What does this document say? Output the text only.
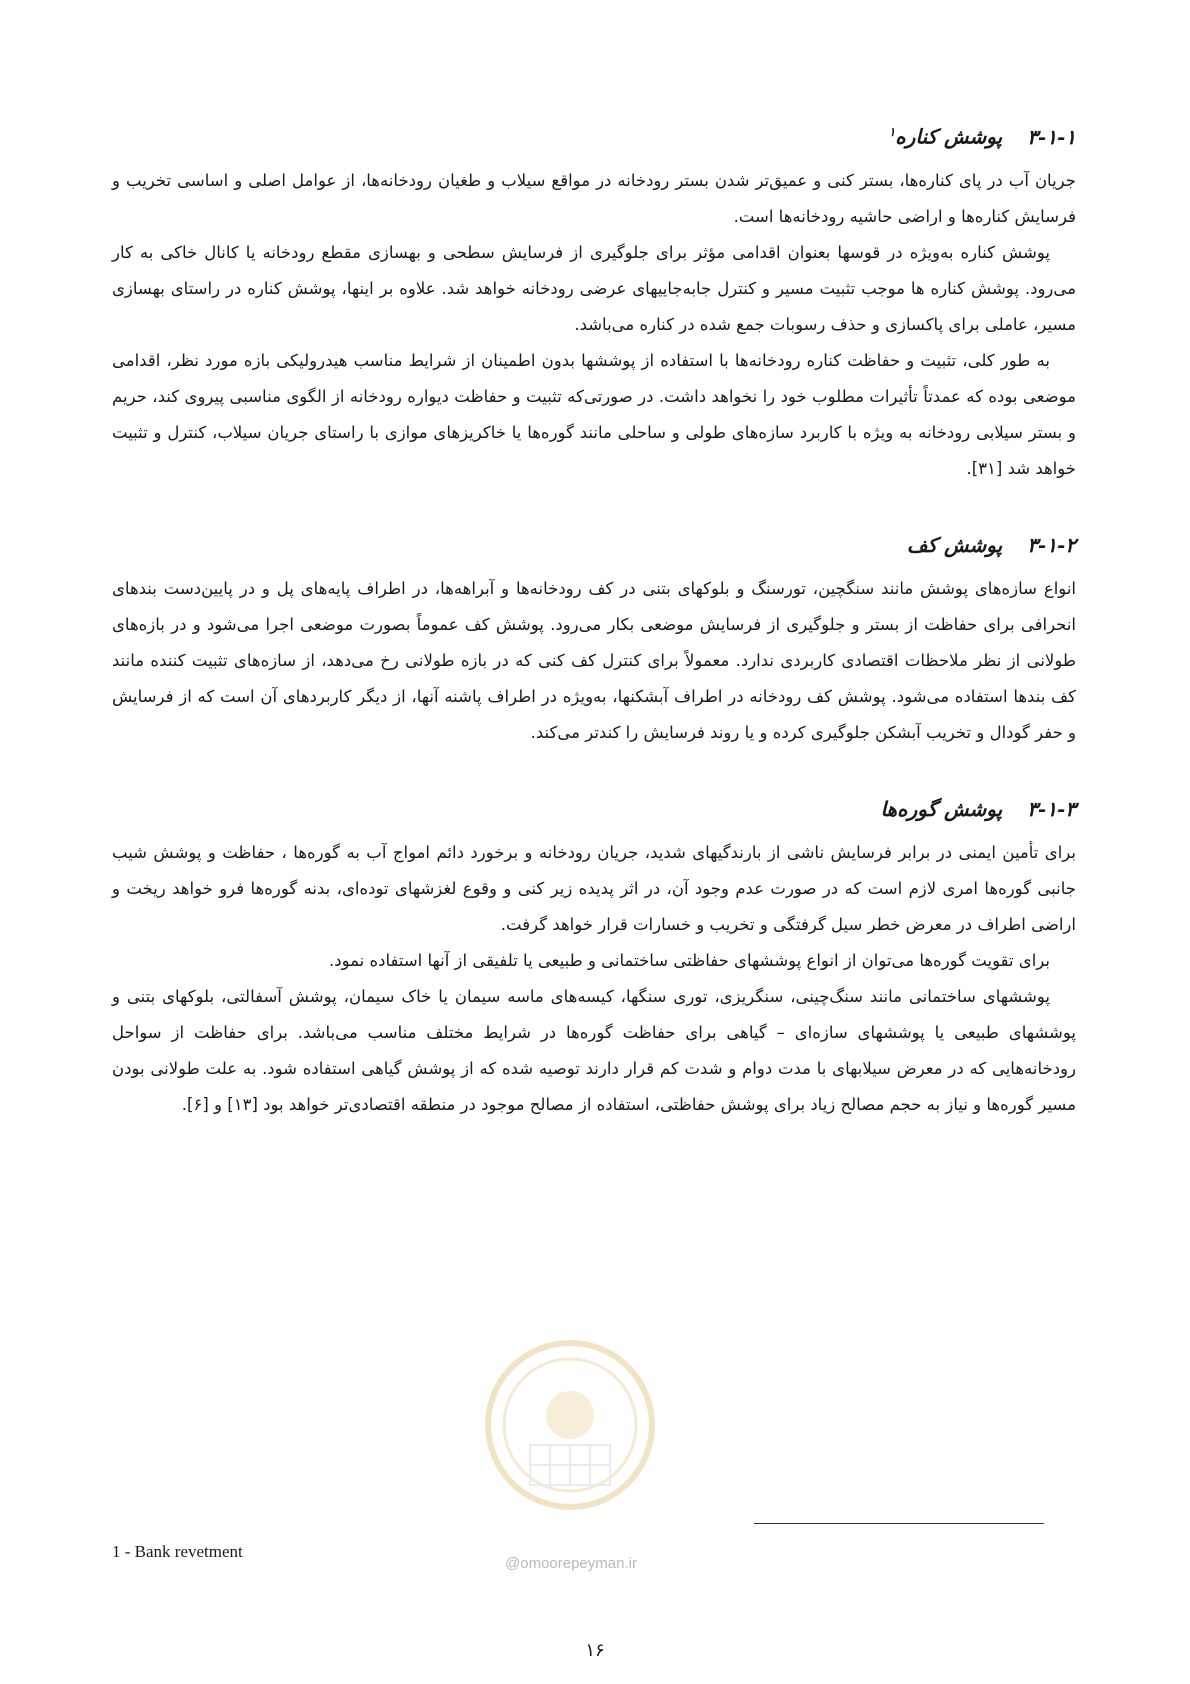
۳-۱-۱ پوشش کناره$^۱$

جریان آب در پای کناره‌ها، بستر کنی و عمیق‌تر شدن بستر رودخانه در مواقع سیلاب و طغیان رودخانه‌ها، از عوامل اصلی و اساسی تخریب و فرسایش کناره‌ها و اراضی حاشیه رودخانه‌ها است.

پوشش کناره به‌ویژه در قوسها بعنوان اقدامی مؤثر برای جلوگیری از فرسایش سطحی و بهسازی مقطع رودخانه یا کانال خاکی به کار می‌رود. پوشش کناره ها موجب تثبیت مسیر و کنترل جابه‌جاییهای عرضی رودخانه خواهد شد. علاوه بر اینها، پوشش کناره در راستای بهسازی مسیر، عاملی برای پاکسازی و حذف رسوبات جمع شده در کناره می‌باشد.

به طور کلی، تثبیت و حفاظت کناره رودخانه‌ها با استفاده از پوششها بدون اطمینان از شرایط مناسب هیدرولیکی بازه مورد نظر، اقدامی موضعی بوده که عمدتاً تأثیرات مطلوب خود را نخواهد داشت. در صورتی‌که تثبیت و حفاظت دیواره رودخانه از الگوی مناسبی پیروی کند، حریم و بستر سیلابی رودخانه به ویژه با کاربرد سازه‌های طولی و ساحلی مانند گوره‌ها یا خاکریزهای موازی با راستای جریان سیلاب، کنترل و تثبیت خواهد شد [۳۱].

۳-۱-۲ پوشش کف

انواع سازه‌های پوشش مانند سنگچین، تورسنگ و بلوکهای بتنی در کف رودخانه‌ها و آبراهه‌ها، در اطراف پایه‌های پل و در پایین‌دست بندهای انحرافی برای حفاظت از بستر و جلوگیری از فرسایش موضعی بکار می‌رود. پوشش کف عموماً بصورت موضعی اجرا می‌شود و در بازه‌های طولانی از نظر ملاحظات اقتصادی کاربردی ندارد. معمولاً برای کنترل کف کنی که در بازه طولانی رخ می‌دهد، از سازه‌های تثبیت کننده مانند کف بندها استفاده می‌شود. پوشش کف رودخانه در اطراف آبشکنها، به‌ویژه در اطراف پاشنه آنها، از دیگر کاربردهای آن است که از فرسایش و حفر گودال و تخریب آبشکن جلوگیری کرده و یا روند فرسایش را کندتر می‌کند.

۳-۱-۳ پوشش گوره‌ها

برای تأمین ایمنی در برابر فرسایش ناشی از بارندگیهای شدید، جریان رودخانه و برخورد دائم امواج آب به گوره‌ها ، حفاظت و پوشش شیب جانبی گوره‌ها امری لازم است که در صورت عدم وجود آن، در اثر پدیده زیر کنی و وقوع لغزشهای توده‌ای، بدنه گوره‌ها فرو خواهد ریخت و اراضی اطراف در معرض خطر سیل گرفتگی و تخریب و خسارات قرار خواهد گرفت.

برای تقویت گوره‌ها می‌توان از انواع پوششهای حفاظتی ساختمانی و طبیعی یا تلفیقی از آنها استفاده نمود.

پوششهای ساختمانی مانند سنگ‌چینی، سنگریزی، توری سنگها، کیسه‌های ماسه سیمان یا خاک سیمان، پوشش آسفالتی، بلوکهای بتنی و پوششهای طبیعی یا پوششهای سازه‌ای – گیاهی برای حفاظت گوره‌ها در شرایط مختلف مناسب می‌باشد. برای حفاظت از سواحل رودخانه‌هایی که در معرض سیلابهای با مدت دوام و شدت کم قرار دارند توصیه شده که از پوشش گیاهی استفاده شود. به علت طولانی بودن مسیر گوره‌ها و نیاز به حجم مصالح زیاد برای پوشش حفاظتی، استفاده از مصالح موجود در منطقه اقتصادی‌تر خواهد بود [۱۳] و [۶].

@omoorepeyman.ir
1 - Bank revetment
۱۶
